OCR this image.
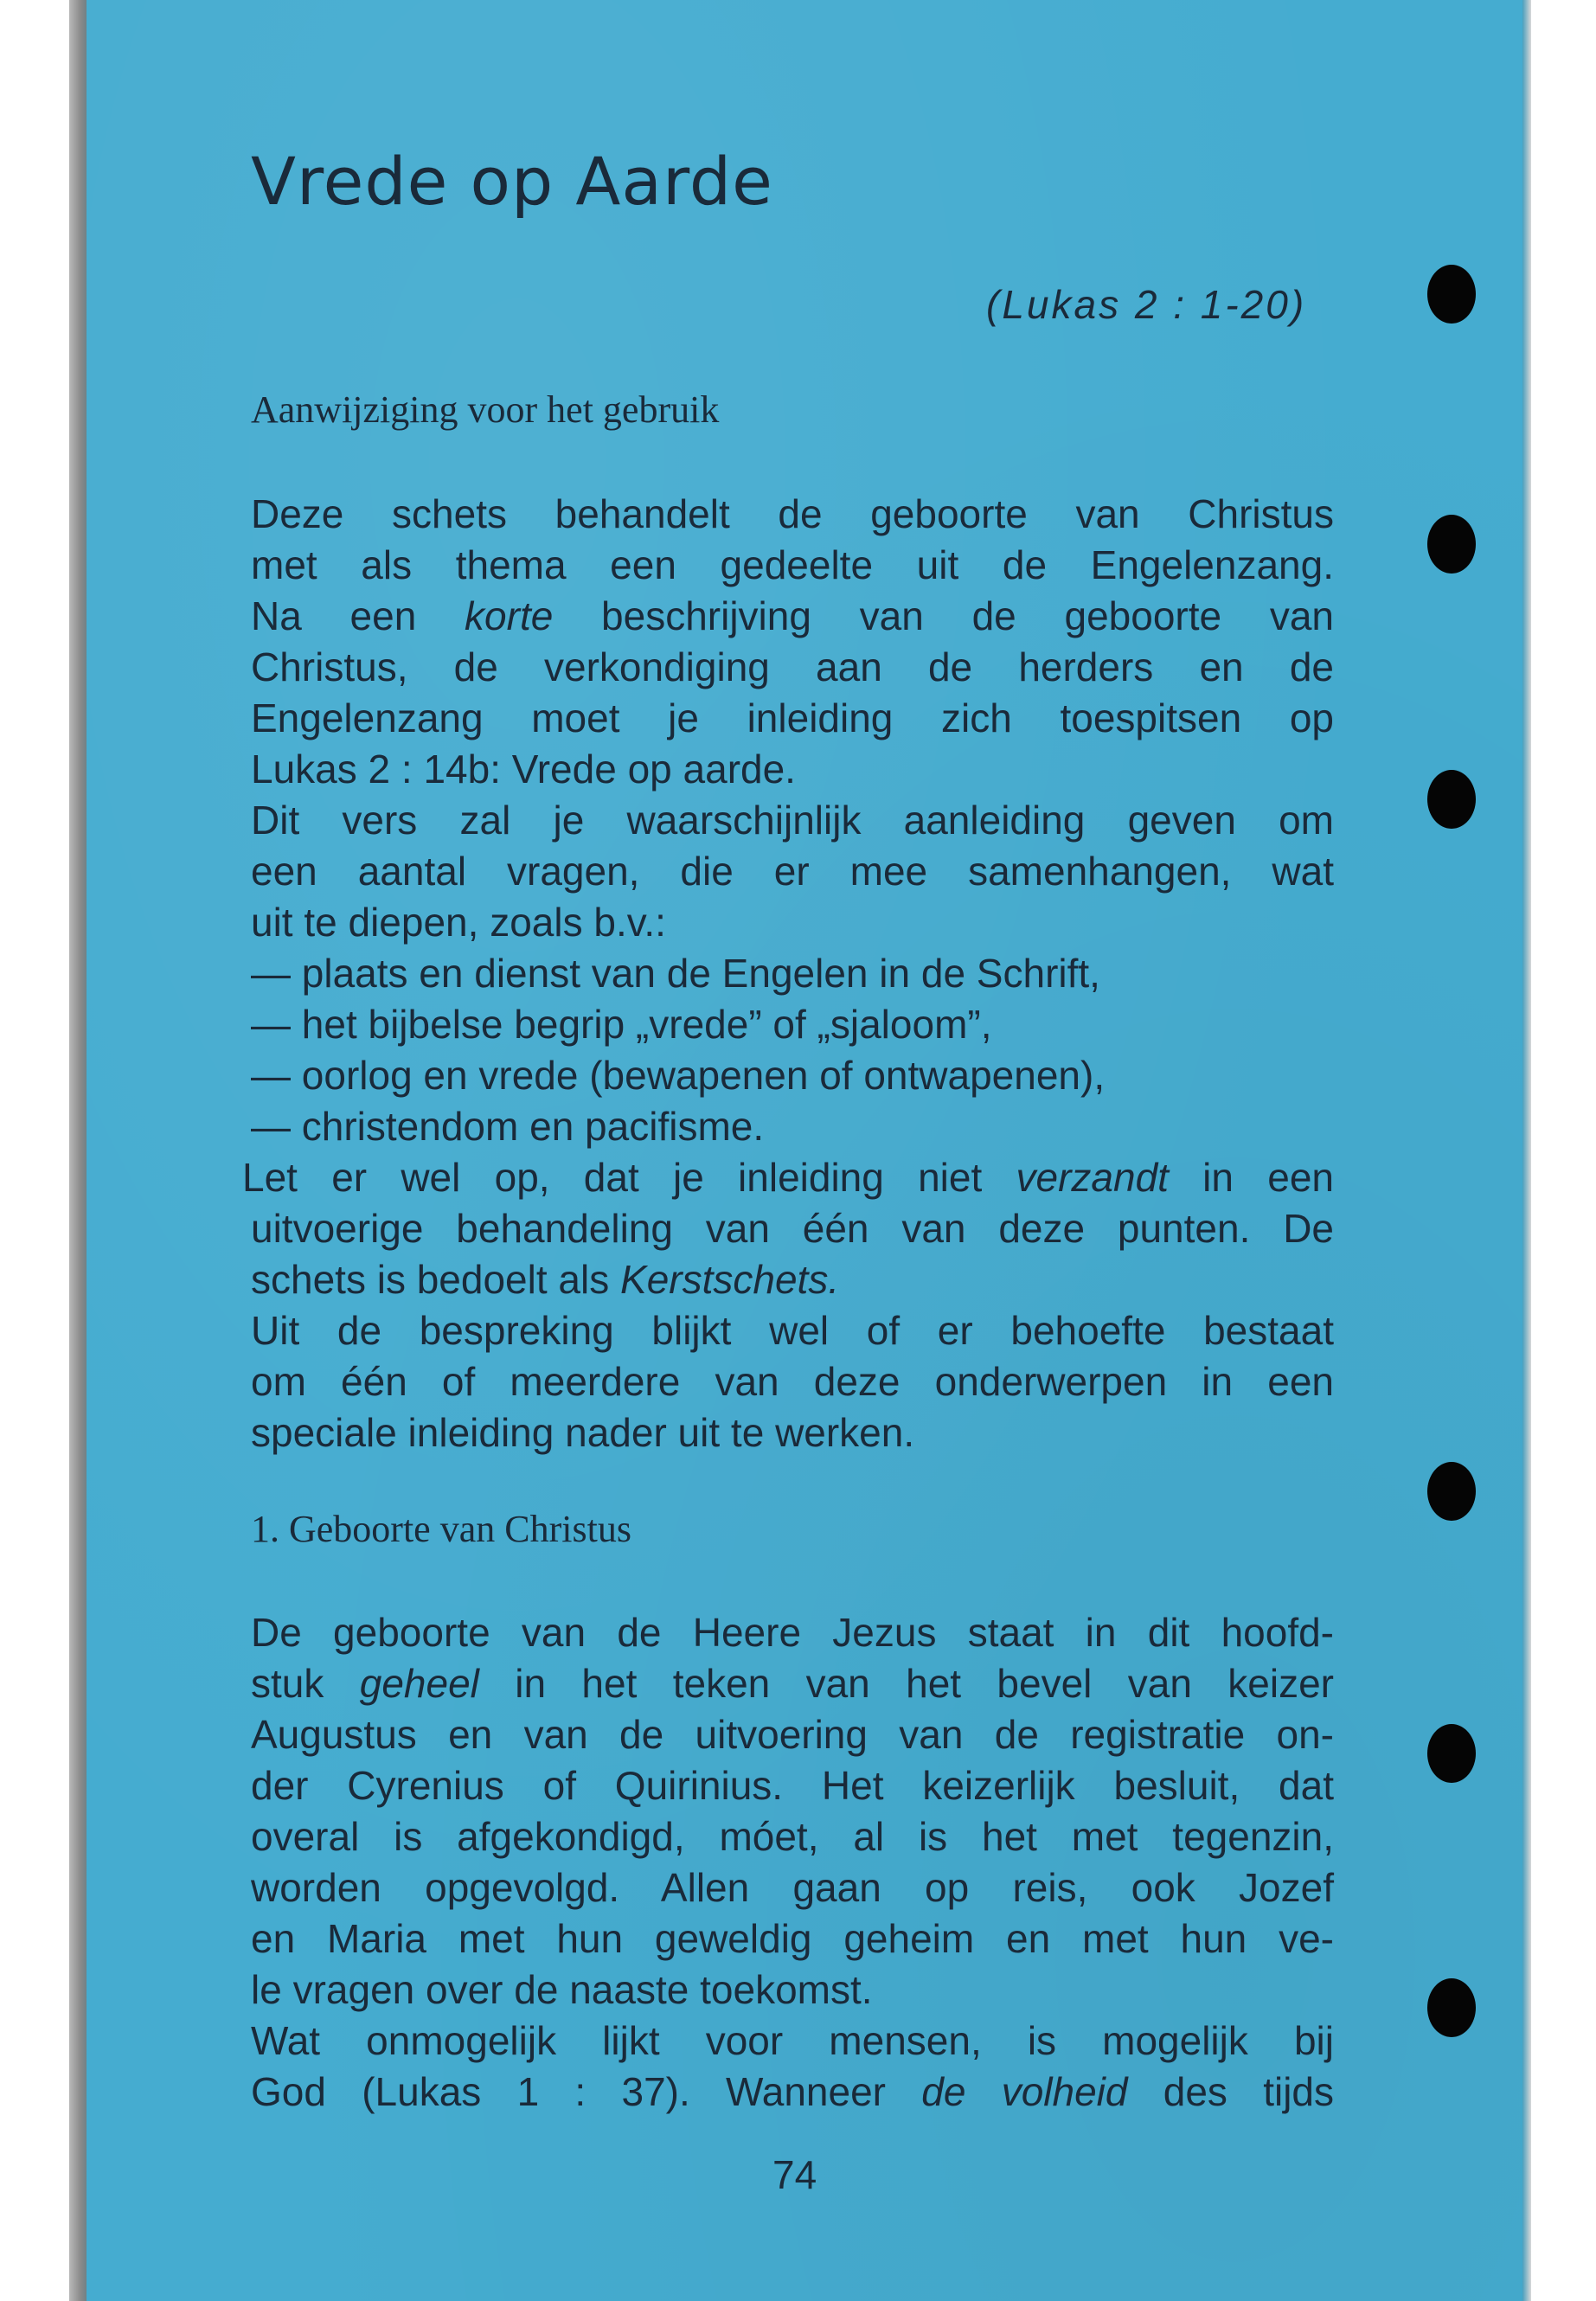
Vrede op Aarde
(Lukas 2 : 1-20)
Aanwijziging voor het gebruik
Deze schets behandelt de geboorte van Christus
met als thema een gedeelte uit de Engelenzang.
Na een korte beschrijving van de geboorte van
Christus, de verkondiging aan de herders en de
Engelenzang moet je inleiding zich toespitsen op
Lukas 2 : 14b: Vrede op aarde.
Dit vers zal je waarschijnlijk aanleiding geven om
een aantal vragen, die er mee samenhangen, wat
uit te diepen, zoals b.v.:
— plaats en dienst van de Engelen in de Schrift,
— het bijbelse begrip „vrede” of „sjaloom”,
— oorlog en vrede (bewapenen of ontwapenen),
— christendom en pacifisme.
Let er wel op, dat je inleiding niet verzandt in een
uitvoerige behandeling van één van deze punten. De
schets is bedoelt als Kerstschets.
Uit de bespreking blijkt wel of er behoefte bestaat
om één of meerdere van deze onderwerpen in een
speciale inleiding nader uit te werken.
1. Geboorte van Christus
De geboorte van de Heere Jezus staat in dit hoofd-
stuk geheel in het teken van het bevel van keizer
Augustus en van de uitvoering van de registratie on-
der Cyrenius of Quirinius. Het keizerlijk besluit, dat
overal is afgekondigd, móet, al is het met tegenzin,
worden opgevolgd. Allen gaan op reis, ook Jozef
en Maria met hun geweldig geheim en met hun ve-
le vragen over de naaste toekomst.
Wat onmogelijk lijkt voor mensen, is mogelijk bij
God (Lukas 1 : 37). Wanneer de volheid des tijds
74
